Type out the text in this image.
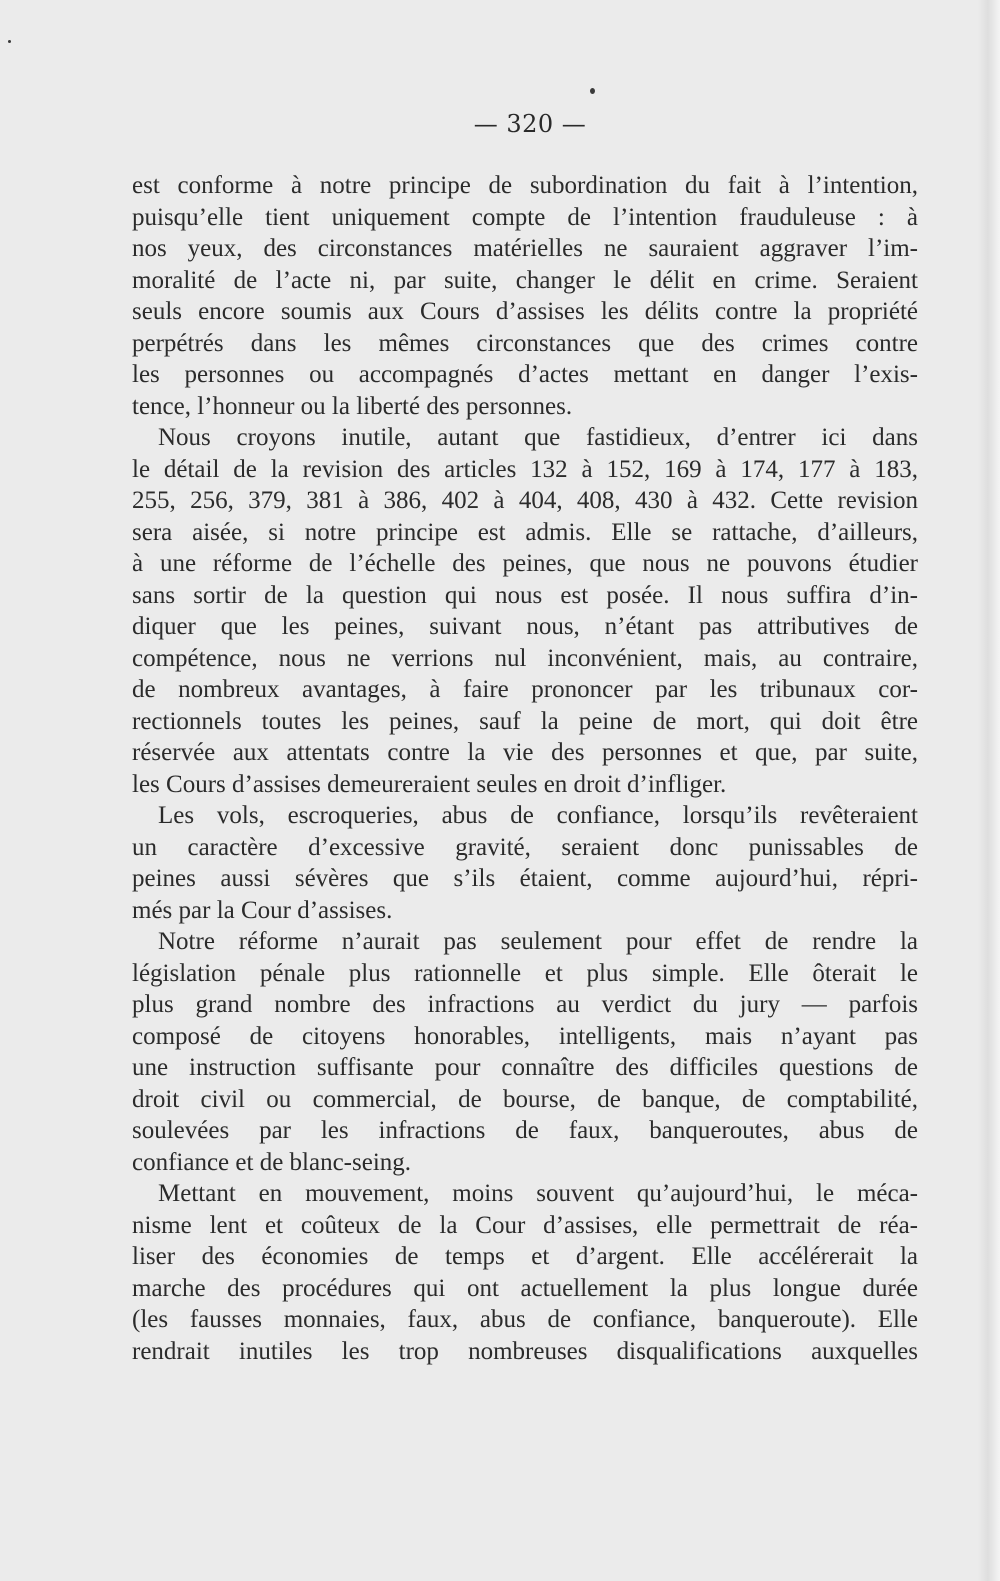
— 320 —
est conforme à notre principe de subordination du fait à l’intention,
puisqu’elle tient uniquement compte de l’intention frauduleuse : à
nos yeux, des circonstances matérielles ne sauraient aggraver l’im-
moralité de l’acte ni, par suite, changer le délit en crime. Seraient
seuls encore soumis aux Cours d’assises les délits contre la propriété
perpétrés dans les mêmes circonstances que des crimes contre
les personnes ou accompagnés d’actes mettant en danger l’exis-
tence, l’honneur ou la liberté des personnes.
Nous croyons inutile, autant que fastidieux, d’entrer ici dans
le détail de la revision des articles 132 à 152, 169 à 174, 177 à 183,
255, 256, 379, 381 à 386, 402 à 404, 408, 430 à 432. Cette revision
sera aisée, si notre principe est admis. Elle se rattache, d’ailleurs,
à une réforme de l’échelle des peines, que nous ne pouvons étudier
sans sortir de la question qui nous est posée. Il nous suffira d’in-
diquer que les peines, suivant nous, n’étant pas attributives de
compétence, nous ne verrions nul inconvénient, mais, au contraire,
de nombreux avantages, à faire prononcer par les tribunaux cor-
rectionnels toutes les peines, sauf la peine de mort, qui doit être
réservée aux attentats contre la vie des personnes et que, par suite,
les Cours d’assises demeureraient seules en droit d’infliger.
Les vols, escroqueries, abus de confiance, lorsqu’ils revêteraient
un caractère d’excessive gravité, seraient donc punissables de
peines aussi sévères que s’ils étaient, comme aujourd’hui, répri-
més par la Cour d’assises.
Notre réforme n’aurait pas seulement pour effet de rendre la
législation pénale plus rationnelle et plus simple. Elle ôterait le
plus grand nombre des infractions au verdict du jury — parfois
composé de citoyens honorables, intelligents, mais n’ayant pas
une instruction suffisante pour connaître des difficiles questions de
droit civil ou commercial, de bourse, de banque, de comptabilité,
soulevées par les infractions de faux, banqueroutes, abus de
confiance et de blanc-seing.
Mettant en mouvement, moins souvent qu’aujourd’hui, le méca-
nisme lent et coûteux de la Cour d’assises, elle permettrait de réa-
liser des économies de temps et d’argent. Elle accélérerait la
marche des procédures qui ont actuellement la plus longue durée
(les fausses monnaies, faux, abus de confiance, banqueroute). Elle
rendrait inutiles les trop nombreuses disqualifications auxquelles
